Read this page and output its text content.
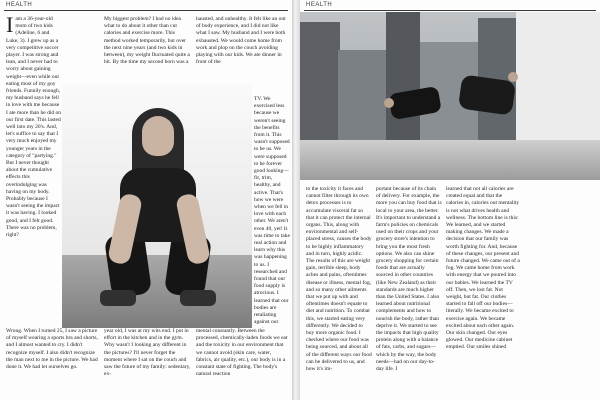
HEALTH
I am a 36-year-old mom of two kids (Adeline, 6 and Luke, 3). I grew up as a very competitive soccer player. I was strong and lean, and I never had to worry about gaining weight—even while out eating most of my guy friends. Funnily enough, my husband says he fell in love with me because I ate more than he did on our first date. This lasted well into my 20's. And, let's suffice to say that I very much enjoyed my younger years in the category of "partying." But I never thought about the cumulative effects this overindulging was having on my body. Probably because I wasn't seeing the impact it was having. I looked good, and I felt good. There was no problem, right?
My biggest problem? I had no idea what to do about it other than cut calories and exercise more. This method worked temporarily, but over the next nine years (and two kids in between), my weight fluctuated quite a bit. By the time my second born was a
hausted, and unhealthy. It felt like an out of body experience, and I did not like what I saw. My husband and I were both exhausted. We would come home from work and plop on the couch avoiding playing with our kids. We ate dinner in front of the
TV. We exercised less because we weren't seeing the benefits from it. This wasn't supposed to be us. We were supposed to be forever good looking—fit, trim, healthy, and active. That's how we were when we fell in love with each other. We aren't even 40, yet! It was time to take real action and learn why this was happening to us. I researched and found that our food supply is atrocious. I learned that our bodies are retaliating against our
Wrong. When I turned 25, I saw a picture of myself wearing a sports bra and shorts, and I almost wanted to cry. I didn't recognize myself. I also didn't recognize the man next to me in the picture. We had done it. We had let ourselves go.
year old, I was at my wits end. I put in effort in the kitchen and in the gym. Why wasn't I looking any different in the pictures? I'll never forget the moment where I sat on the couch and saw the future of my family: sedentary, ex-
mental constantly. Between the processed, chemically-laden foods we eat and the toxicity in our environment that we cannot avoid (skin care, water, fabrics, air quality, etc.), our body is in a constant state of fighting. The body's natural reaction
HEALTH
to the toxicity it faces and cannot filter through its own detox processes is to accumulate visceral fat so that it can protect the internal organs. This, along with environmental and self-placed stress, causes the body to be highly inflammatory and in turn, highly acidic. The results of this are weight gain, terrible sleep, body aches and pains, oftentimes disease or illness, mental fog, and so many other ailments that we put up with and oftentimes doesn't equate to diet and nutrition. To combat this, we started eating very differently. We decided to buy more organic food. I checked where our food was being sourced, and about all of the different ways our food can be delivered to us, and how it's im-
portant because of its chain of delivery. For example, the more you can buy food that is local to your area, the better. It's important to understand a farm's policies on chemicals used on their crops and your grocery store's intention to bring you the most fresh options. We also can shine grocery shopping for certain foods that are actually sourced in other countries (like New Zealand) as their standards are much higher than the United States. I also learned about nutritional complements and how to nourish the body, rather than deprive it. We started to see the impacts that high quality protein along with a balance of fats, carbs, and sugars—which by the way, the body needs—had on our day-to-day life. I
learned that not all calories are created equal and that the calories in, calories out mentality is not what drives health and wellness. The bottom line is this: We learned, and we started making changes. We made a decision that our family was worth fighting for. And, because of these changes, our present and future changed. We came out of a fog. We came home from work with energy that we poured into our babies. We learned the TV off. Then, we lost fat. Not weight, but fat. Our clothes started to fall off our bodies—literally. We became excited to exercise again. We became excited about each other again. Our skin changed. Our eyes glowed. Our medicine cabinet emptied. Our smiles shined
